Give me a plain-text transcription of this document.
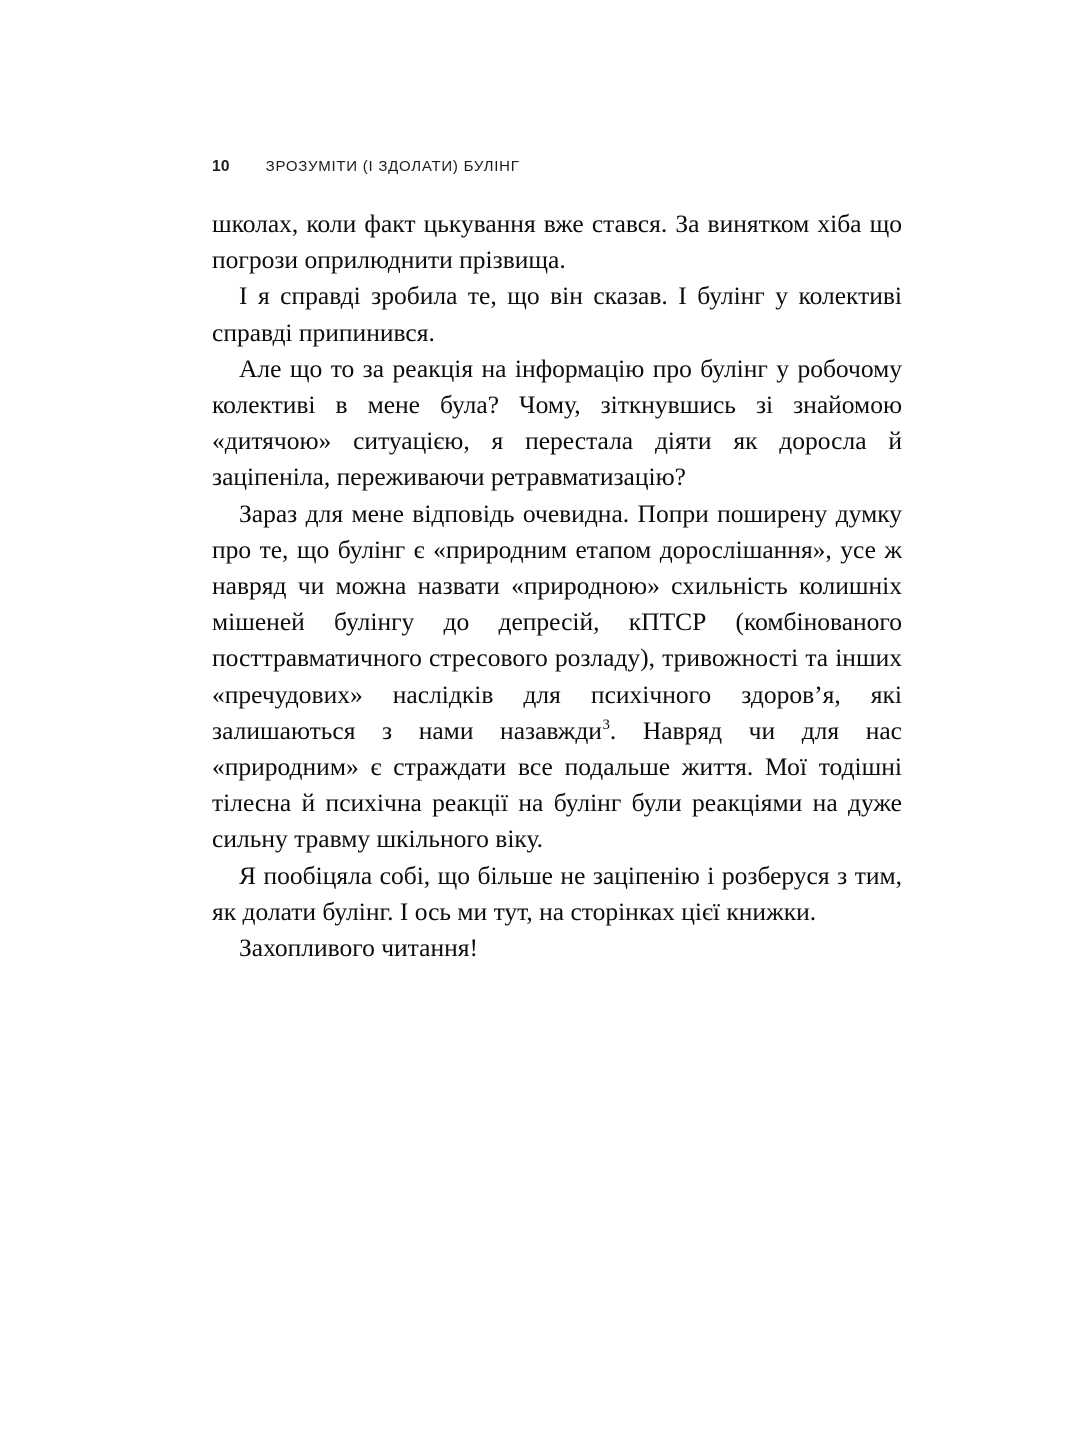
10 ЗРОЗУМІТИ (І ЗДОЛАТИ) БУЛІНГ

школах, коли факт цькування вже стався. За винятком хіба що погрози оприлюднити прізвища.

І я справді зробила те, що він сказав. І булінг у колективі справді припинився.

Але що то за реакція на інформацію про булінг у робочому колективі в мене була? Чому, зіткнувшись зі знайомою «дитячою» ситуацією, я перестала діяти як доросла й заціпеніла, переживаючи ретравматизацію?

Зараз для мене відповідь очевидна. Попри поширену думку про те, що булінг є «природним етапом дорослішання», усе ж навряд чи можна назвати «природною» схильність колишніх мішеней булінгу до депресій, кПТСР (комбінованого посттравматичного стресового розладу), тривожності та інших «пречудових» наслідків для психічного здоров’я, які залишаються з нами назавжди$^3$. Навряд чи для нас «природним» є страждати все подальше життя. Мої тодішні тілесна й психічна реакції на булінг були реакціями на дуже сильну травму шкільного віку.

Я пообіцяла собі, що більше не заціпенію і розберуся з тим, як долати булінг. І ось ми тут, на сторінках цієї книжки.

Захопливого читання!
